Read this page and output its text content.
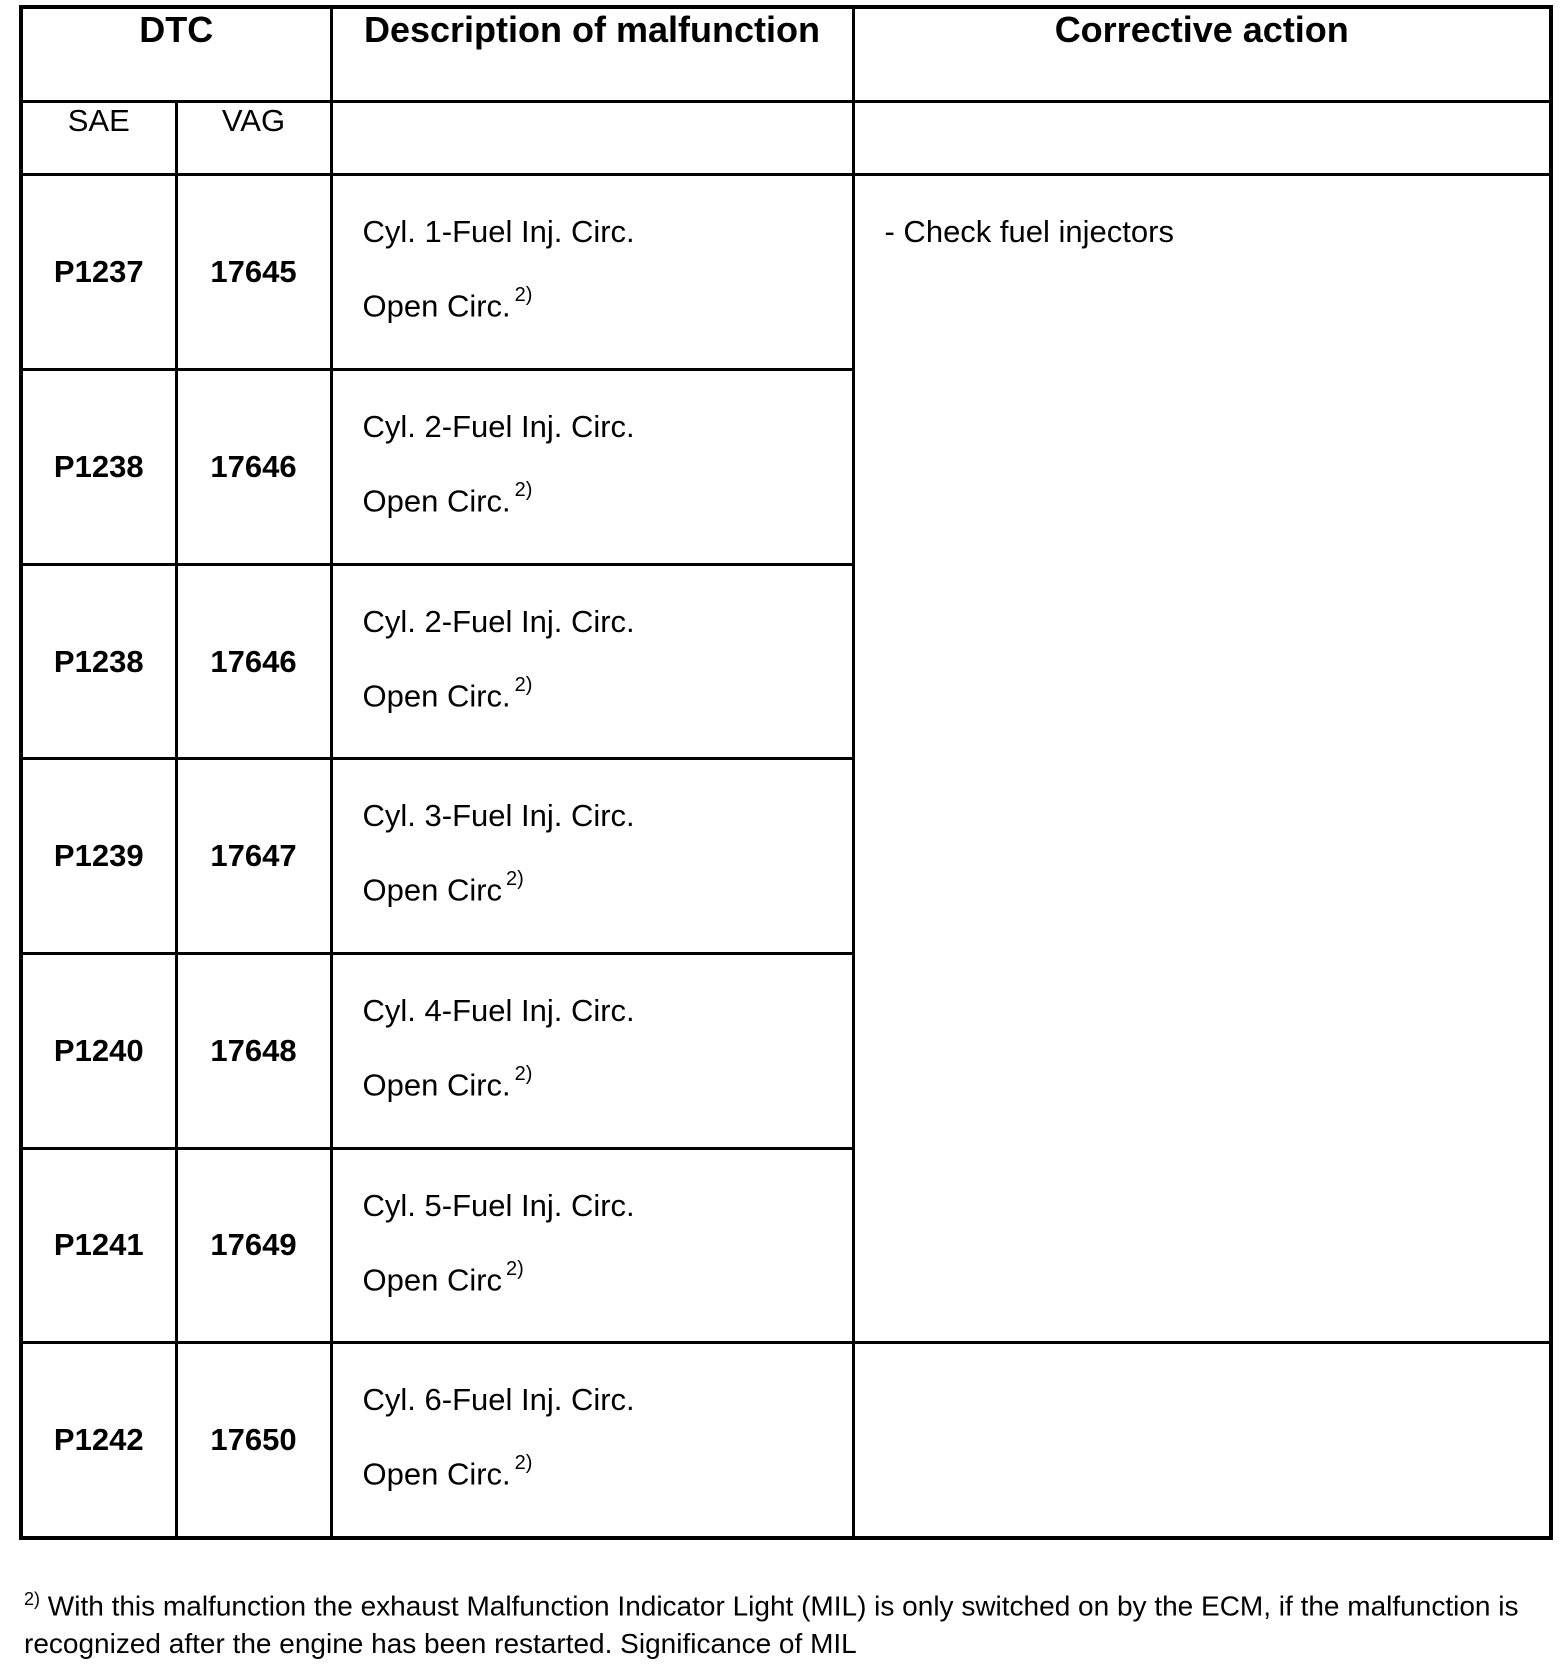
DTC		Description of malfunction	Corrective action
SAE	VAG		
P1237	17645	Cyl. 1-Fuel Inj. Circ.
Open Circ. $^{2)}$	- Check fuel injectors

P1238	17646	Cyl. 2-Fuel Inj. Circ.
Open Circ. $^{2)}$

P1238	17646	Cyl. 2-Fuel Inj. Circ.
Open Circ. $^{2)}$

P1239	17647	Cyl. 3-Fuel Inj. Circ.
Open Circ $^{2)}$

P1240	17648	Cyl. 4-Fuel Inj. Circ.
Open Circ. $^{2)}$

P1241	17649	Cyl. 5-Fuel Inj. Circ.
Open Circ $^{2)}$

P1242	17650	Cyl. 6-Fuel Inj. Circ.
Open Circ. $^{2)}$

$^{2)}$ With this malfunction the exhaust Malfunction Indicator Light (MIL) is only switched on by the ECM, if the malfunction is recognized after the engine has been restarted. Significance of MIL
